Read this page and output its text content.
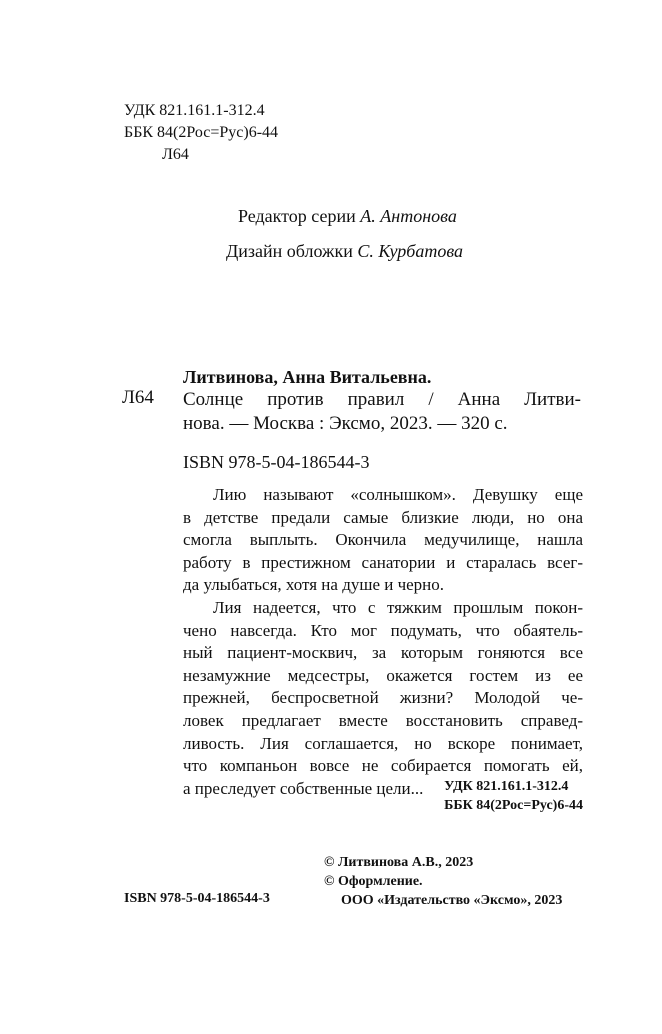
УДК 821.161.1-312.4
ББК 84(2Рос=Рус)6-44
Л64
Редактор серии А. Антонова
Дизайн обложки С. Курбатова
Литвинова, Анна Витальевна.
Л64 Солнце против правил / Анна Литви-
нова. — Москва : Эксмо, 2023. — 320 с.
ISBN 978-5-04-186544-3
Лию называют «солнышком». Девушку еще
в детстве предали самые близкие люди, но она
смогла выплыть. Окончила медучилище, нашла
работу в престижном санатории и старалась всег-
да улыбаться, хотя на душе и черно.
Лия надеется, что с тяжким прошлым покон-
чено навсегда. Кто мог подумать, что обаятель-
ный пациент-москвич, за которым гоняются все
незамужние медсестры, окажется гостем из ее
прежней, беспросветной жизни? Молодой че-
ловек предлагает вместе восстановить справед-
ливость. Лия соглашается, но вскоре понимает,
что компаньон вовсе не собирается помогать ей,
а преследует собственные цели...	УДК 821.161.1-312.4
ББК 84(2Рос=Рус)6-44
© Литвинова А.В., 2023
© Оформление.
ООО «Издательство «Эксмо», 2023
ISBN 978-5-04-186544-3
